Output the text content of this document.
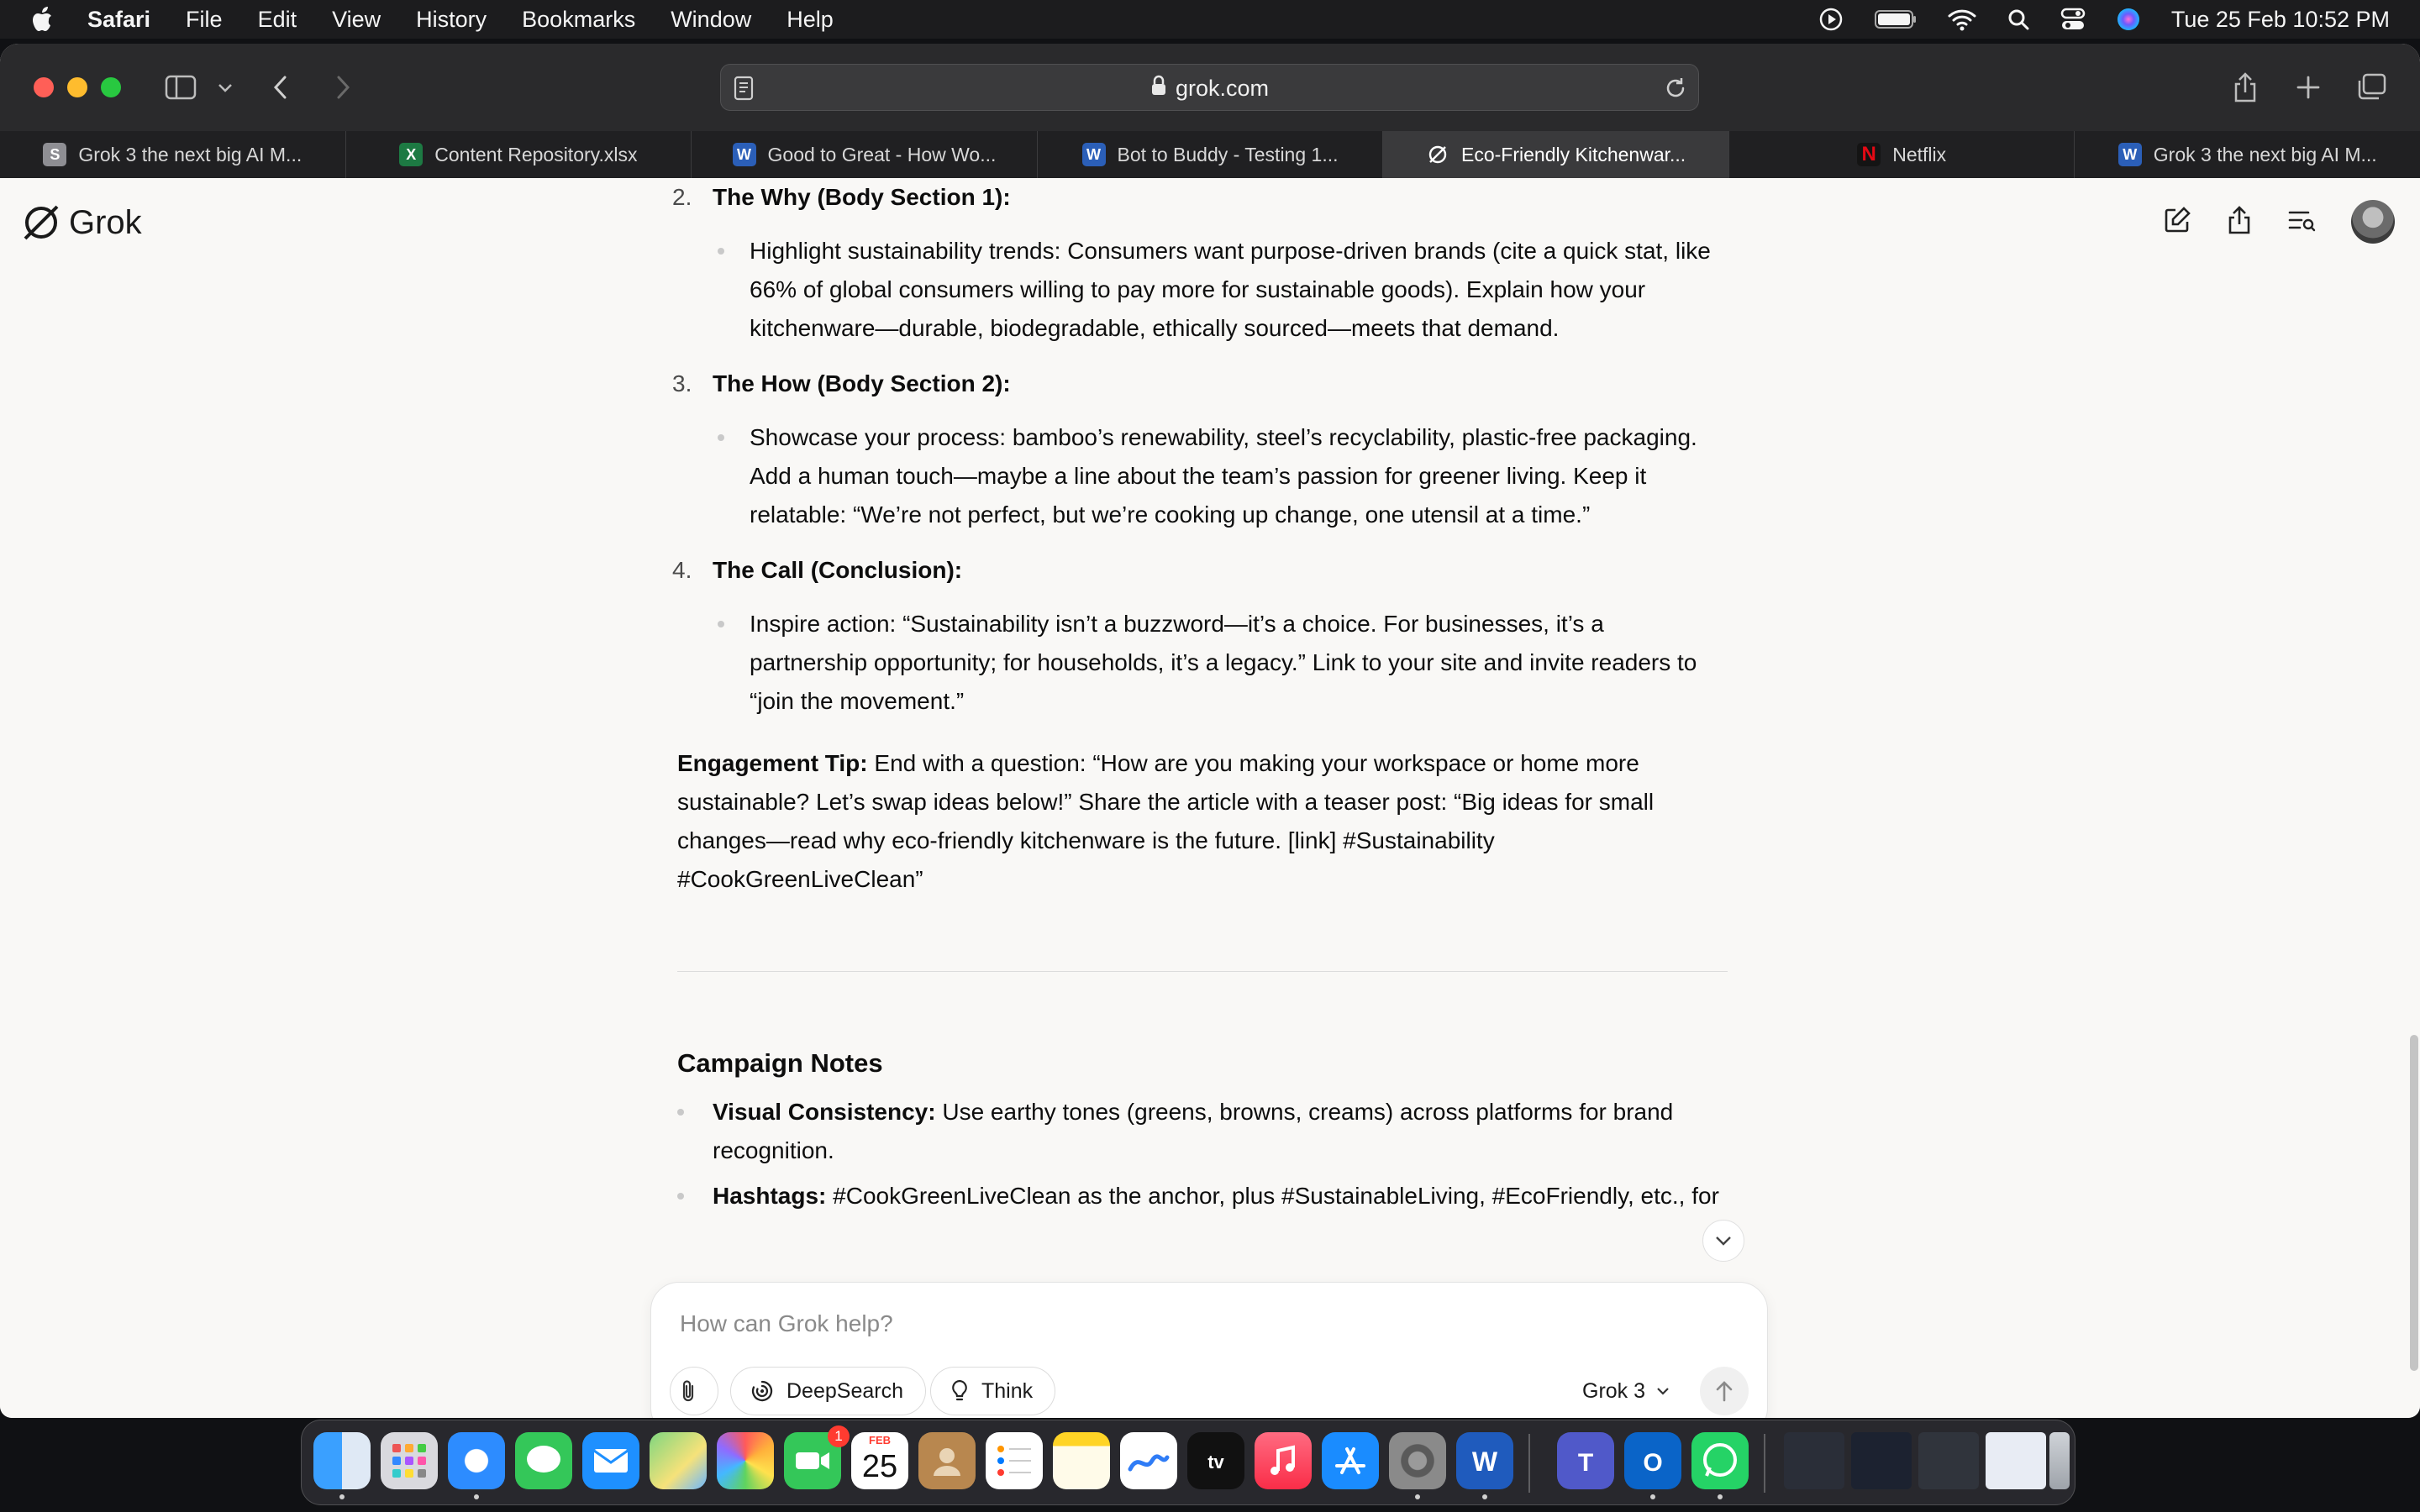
Safari File Edit View History Bookmarks Window Help	Tue 25 Feb 10:52 PM
grok.com
S Grok 3 the next big AI M...	X Content Repository.xlsx	W Good to Great - How Wo...	W Bot to Buddy - Testing 1...	Eco-Friendly Kitchenwar...	N Netflix	W Grok 3 the next big AI M...
Grok
2. The Why (Body Section 1):
Highlight sustainability trends: Consumers want purpose-driven brands (cite a quick stat, like 66% of global consumers willing to pay more for sustainable goods). Explain how your kitchenware—durable, biodegradable, ethically sourced—meets that demand.
3. The How (Body Section 2):
Showcase your process: bamboo’s renewability, steel’s recyclability, plastic-free packaging. Add a human touch—maybe a line about the team’s passion for greener living. Keep it relatable: “We’re not perfect, but we’re cooking up change, one utensil at a time.”
4. The Call (Conclusion):
Inspire action: “Sustainability isn’t a buzzword—it’s a choice. For businesses, it’s a partnership opportunity; for households, it’s a legacy.” Link to your site and invite readers to “join the movement.”
Engagement Tip: End with a question: “How are you making your workspace or home more sustainable? Let’s swap ideas below!” Share the article with a teaser post: “Big ideas for small changes—read why eco-friendly kitchenware is the future. [link] #Sustainability #CookGreenLiveClean”
Campaign Notes
Visual Consistency: Use earthy tones (greens, browns, creams) across platforms for brand recognition.
Hashtags: #CookGreenLiveClean as the anchor, plus #SustainableLiving, #EcoFriendly, etc., for
How can Grok help?
DeepSearch	Think	Grok 3
1	FEB
25	tv	W	T O
